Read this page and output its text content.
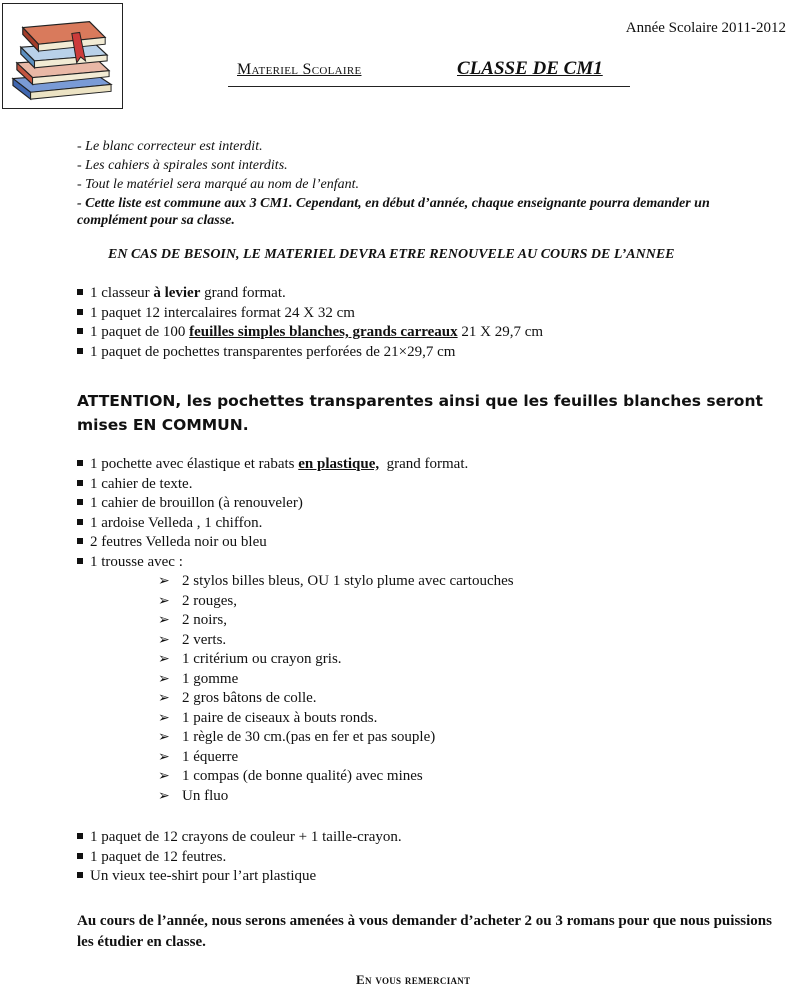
Année Scolaire 2011-2012
Materiel Scolaire	CLASSE DE CM1
- Le blanc correcteur est interdit.
- Les cahiers à spirales sont interdits.
- Tout le matériel sera marqué au nom de l’enfant.
- Cette liste est commune aux 3 CM1. Cependant, en début d’année, chaque enseignante pourra demander un complément pour sa classe.
EN CAS DE BESOIN, LE MATERIEL DEVRA ETRE RENOUVELE AU COURS DE L’ANNEE
1 classeur à levier grand format.
1 paquet 12 intercalaires format 24 X 32 cm
1 paquet de 100 feuilles simples blanches, grands carreaux 21 X 29,7 cm
1 paquet de pochettes transparentes perforées de 21×29,7 cm
ATTENTION, les pochettes transparentes ainsi que les feuilles blanches seront mises EN COMMUN.
1 pochette avec élastique et rabats en plastique,  grand format.
1 cahier de texte.
1 cahier de brouillon (à renouveler)
1 ardoise Velleda , 1 chiffon.
2 feutres Velleda noir ou bleu
1 trousse avec :
➢ 2 stylos billes bleus, OU 1 stylo plume avec cartouches
➢ 2 rouges,
➢ 2 noirs,
➢ 2 verts.
➢ 1 critérium ou crayon gris.
➢ 1 gomme
➢ 2 gros bâtons de colle.
➢ 1 paire de ciseaux à bouts ronds.
➢ 1 règle de 30 cm.(pas en fer et pas souple)
➢ 1 équerre
➢ 1 compas (de bonne qualité) avec mines
➢ Un fluo
1 paquet de 12 crayons de couleur + 1 taille-crayon.
1 paquet de 12 feutres.
Un vieux tee-shirt pour l’art plastique
Au cours de l’année, nous serons amenées à vous demander d’acheter 2 ou 3 romans pour que nous puissions les étudier en classe.
En vous remerciant
